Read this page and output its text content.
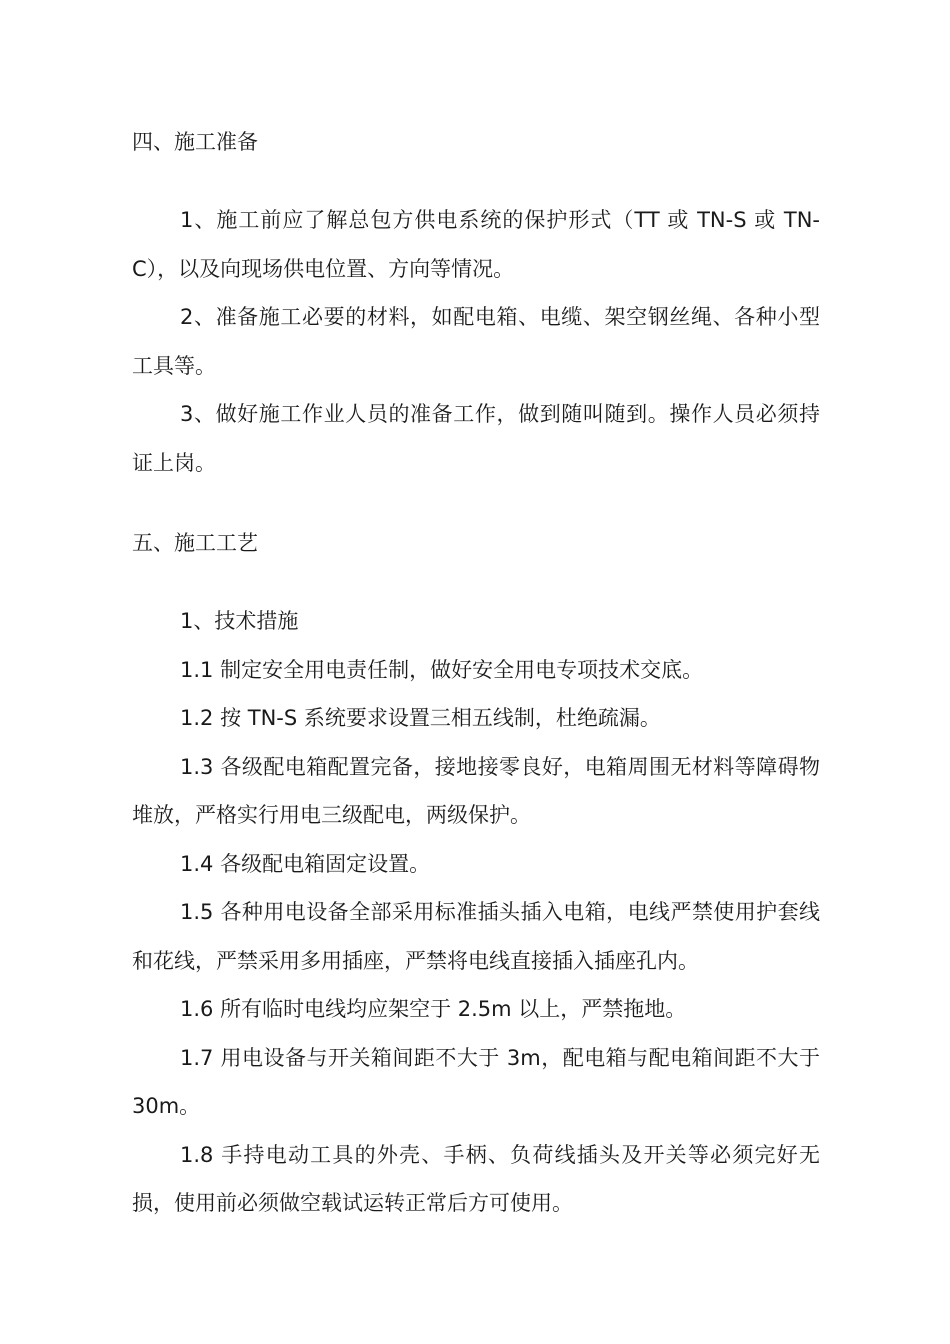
四、施工准备

1、施工前应了解总包方供电系统的保护形式（TT 或 TN-S 或 TN-C），以及向现场供电位置、方向等情况。

2、准备施工必要的材料，如配电箱、电缆、架空钢丝绳、各种小型工具等。

3、做好施工作业人员的准备工作，做到随叫随到。操作人员必须持证上岗。

五、施工工艺

1、技术措施

1.1 制定安全用电责任制，做好安全用电专项技术交底。

1.2 按 TN-S 系统要求设置三相五线制，杜绝疏漏。

1.3 各级配电箱配置完备，接地接零良好，电箱周围无材料等障碍物堆放，严格实行用电三级配电，两级保护。

1.4 各级配电箱固定设置。

1.5 各种用电设备全部采用标准插头插入电箱，电线严禁使用护套线和花线，严禁采用多用插座，严禁将电线直接插入插座孔内。

1.6 所有临时电线均应架空于 2.5m 以上，严禁拖地。

1.7 用电设备与开关箱间距不大于 3m，配电箱与配电箱间距不大于 30m。

1.8 手持电动工具的外壳、手柄、负荷线插头及开关等必须完好无损，使用前必须做空载试运转正常后方可使用。
